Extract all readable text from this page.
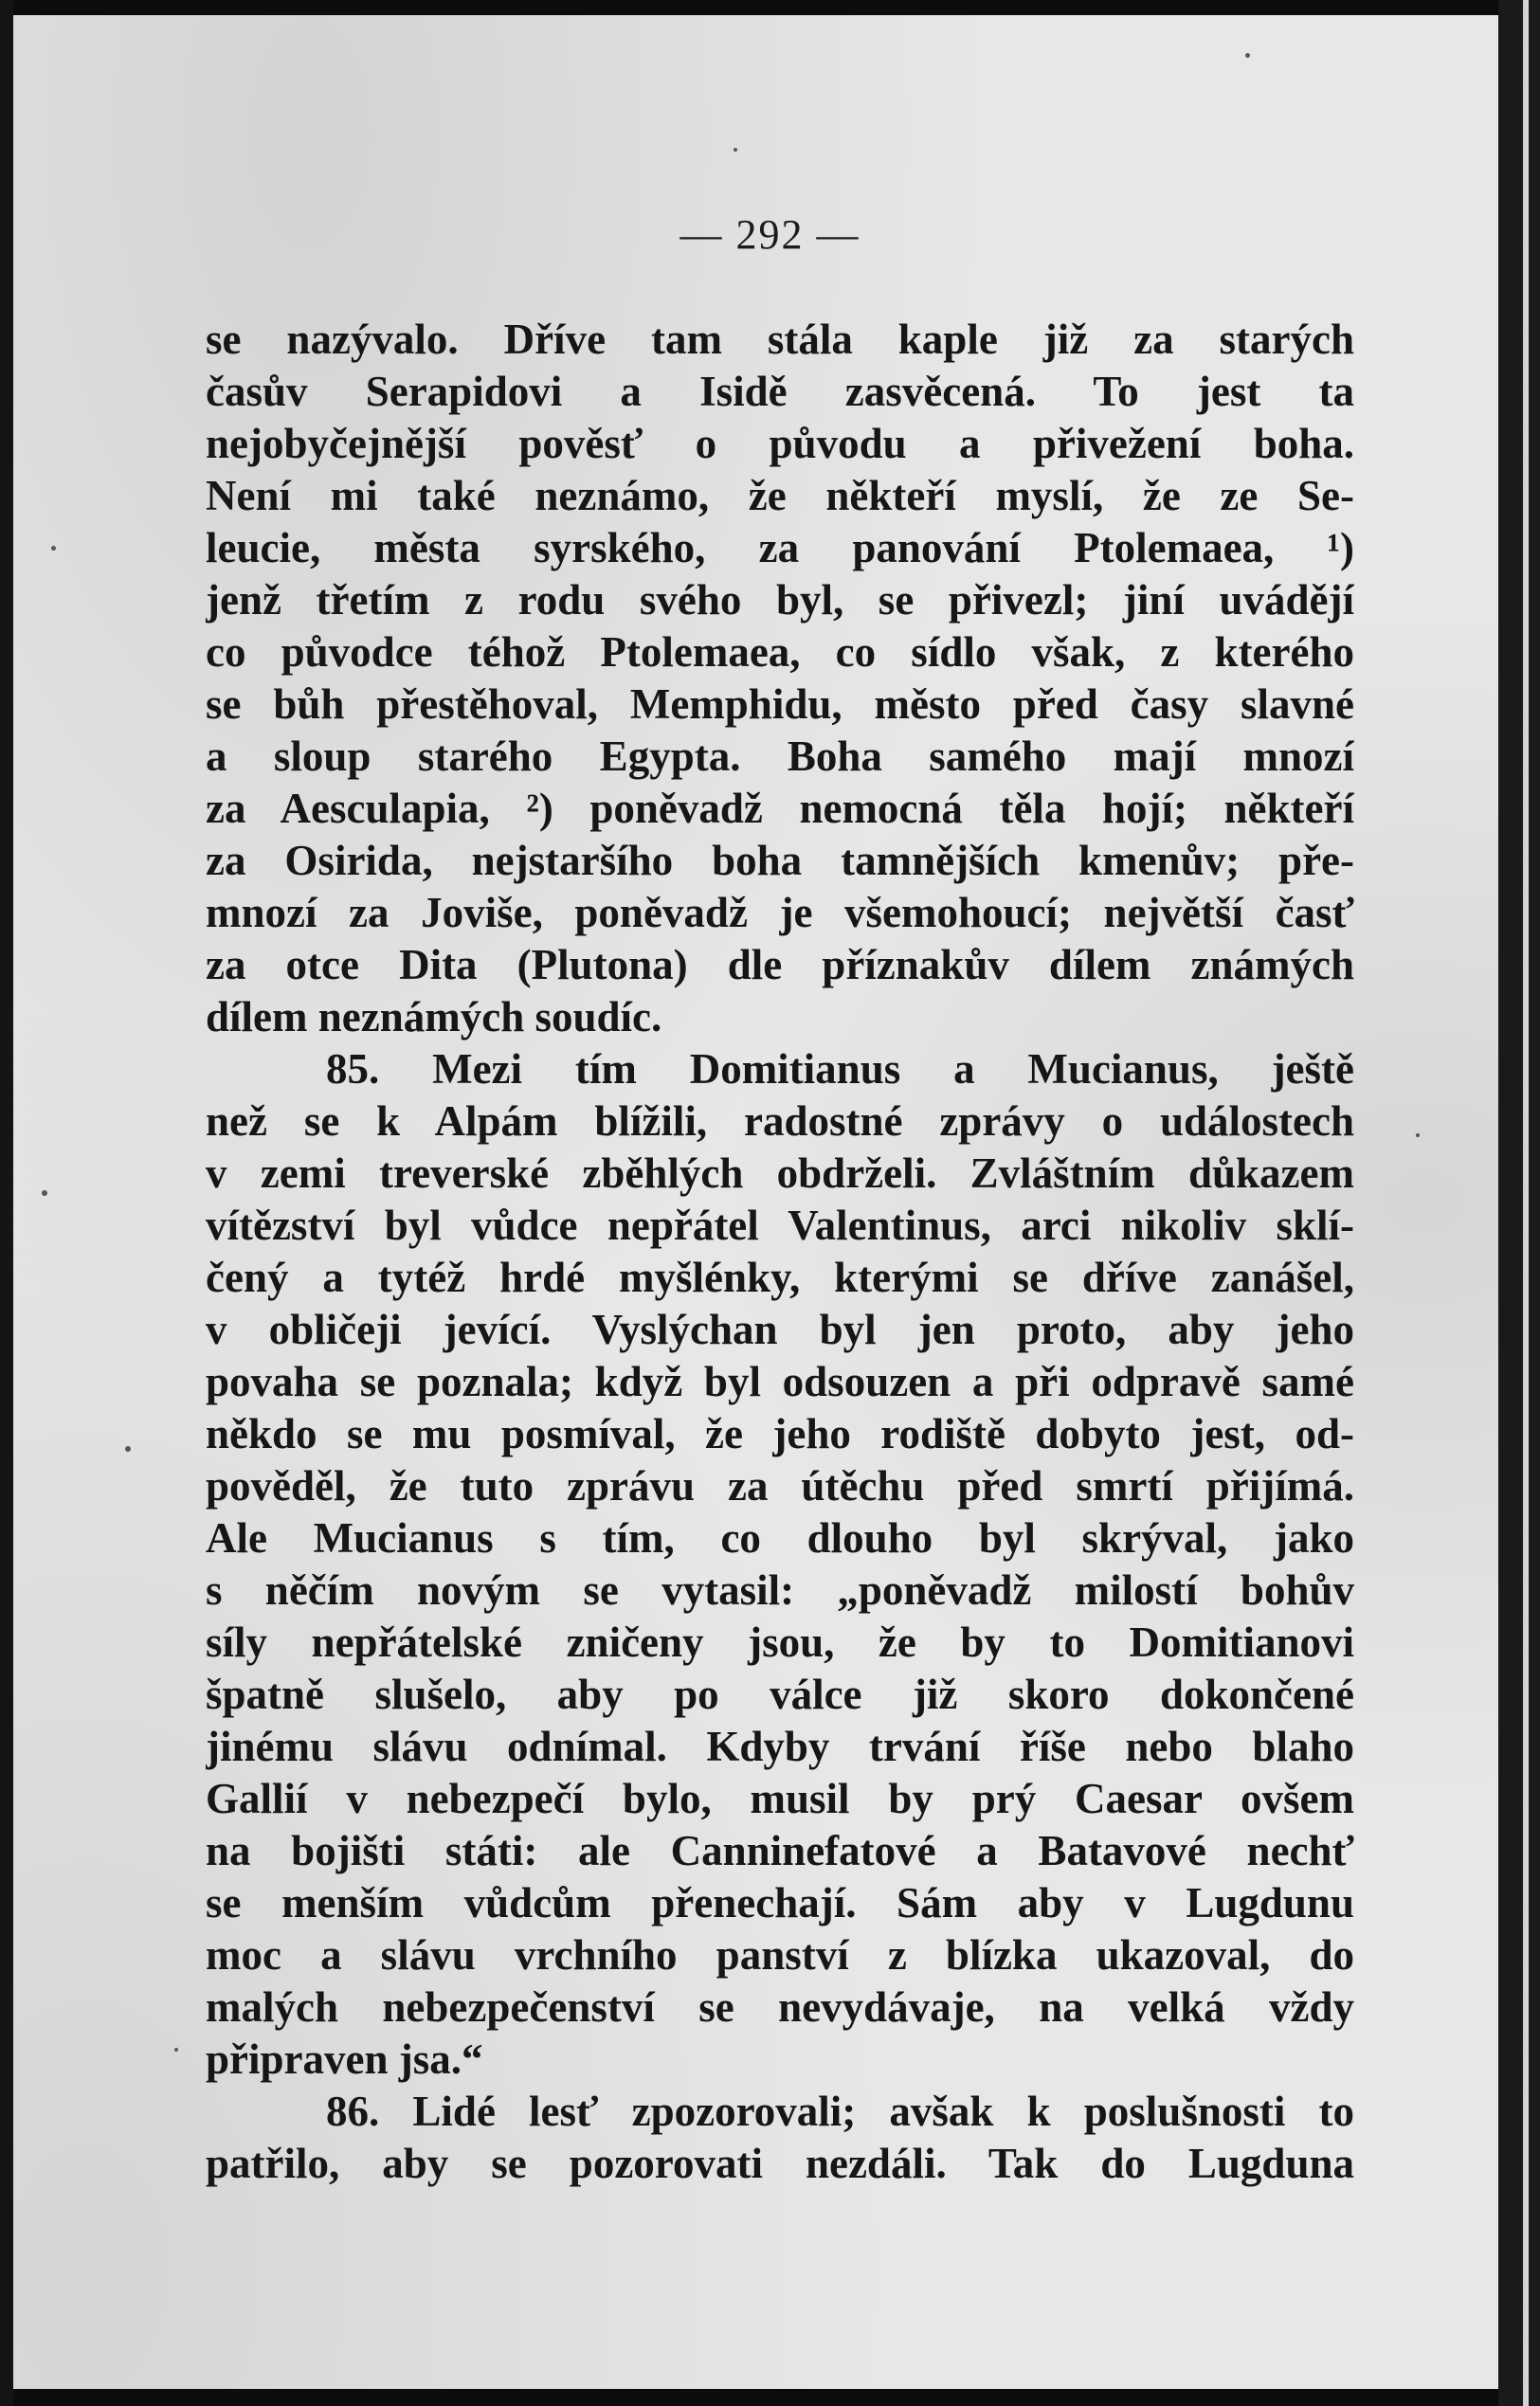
— 292 —
se nazývalo. Dříve tam stála kaple již za starých
časův Serapidovi a Isidě zasvěcená. To jest ta
nejobyčejnější pověsť o původu a přivežení boha.
Není mi také neznámo, že někteří myslí, že ze Se-
leucie, města syrského, za panování Ptolemaea, ¹)
jenž třetím z rodu svého byl, se přivezl; jiní uvádějí
co původce téhož Ptolemaea, co sídlo však, z kterého
se bůh přestěhoval, Memphidu, město před časy slavné
a sloup starého Egypta. Boha samého mají mnozí
za Aesculapia, ²) poněvadž nemocná těla hojí; někteří
za Osirida, nejstaršího boha tamnějších kmenův; pře-
mnozí za Joviše, poněvadž je všemohoucí; největší časť
za otce Dita (Plutona) dle příznakův dílem známých
dílem neznámých soudíc.
85. Mezi tím Domitianus a Mucianus, ještě
než se k Alpám blížili, radostné zprávy o událostech
v zemi treverské zběhlých obdrželi. Zvláštním důkazem
vítězství byl vůdce nepřátel Valentinus, arci nikoliv sklí-
čený a tytéž hrdé myšlénky, kterými se dříve zanášel,
v obličeji jevící. Vyslýchan byl jen proto, aby jeho
povaha se poznala; když byl odsouzen a při odpravě samé
někdo se mu posmíval, že jeho rodiště dobyto jest, od-
pověděl, že tuto zprávu za útěchu před smrtí přijímá.
Ale Mucianus s tím, co dlouho byl skrýval, jako
s něčím novým se vytasil: „poněvadž milostí bohův
síly nepřátelské zničeny jsou, že by to Domitianovi
špatně slušelo, aby po válce již skoro dokončené
jinému slávu odnímal. Kdyby trvání říše nebo blaho
Gallií v nebezpečí bylo, musil by prý Caesar ovšem
na bojišti státi: ale Canninefatové a Batavové nechť
se menším vůdcům přenechají. Sám aby v Lugdunu
moc a slávu vrchního panství z blízka ukazoval, do
malých nebezpečenství se nevydávaje, na velká vždy
připraven jsa.“
86. Lidé lesť zpozorovali; avšak k poslušnosti to
patřilo, aby se pozorovati nezdáli. Tak do Lugduna
